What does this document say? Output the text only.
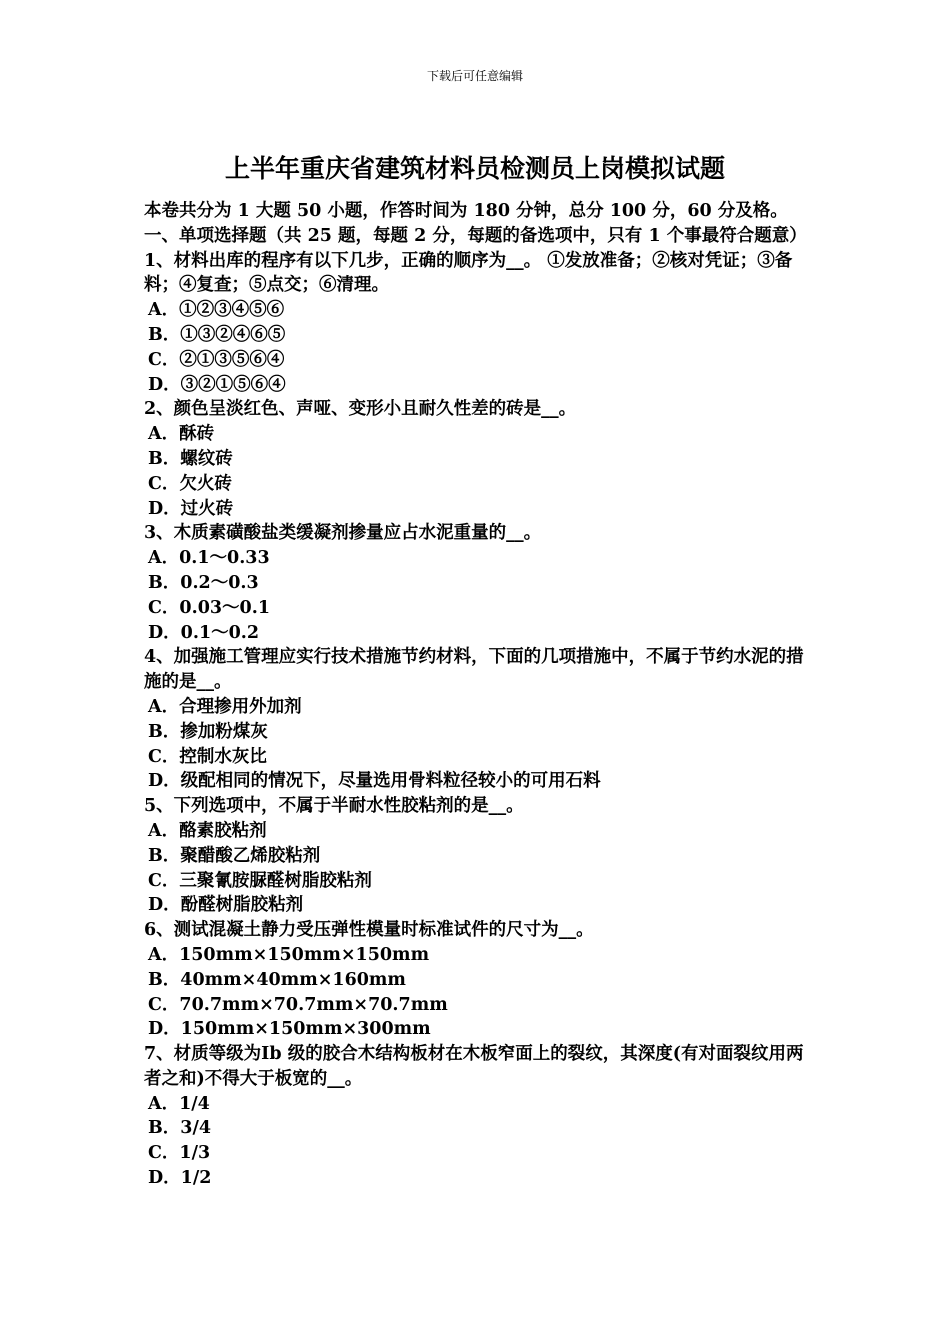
下载后可任意编辑
上半年重庆省建筑材料员检测员上岗模拟试题
本卷共分为 1 大题 50 小题，作答时间为 180 分钟，总分 100 分，60 分及格。
一、单项选择题（共 25 题，每题 2 分，每题的备选项中，只有 1 个事最符合题意）
1、材料出库的程序有以下几步，正确的顺序为__。 ①发放准备；②核对凭证；③备料；④复查；⑤点交；⑥清理。
A．①②③④⑤⑥
B．①③②④⑥⑤
C．②①③⑤⑥④
D．③②①⑤⑥④
2、颜色呈淡红色、声哑、变形小且耐久性差的砖是__。
A．酥砖
B．螺纹砖
C．欠火砖
D．过火砖
3、木质素磺酸盐类缓凝剂掺量应占水泥重量的__。
A．0.1～0.33
B．0.2～0.3
C．0.03～0.1
D．0.1～0.2
4、加强施工管理应实行技术措施节约材料，下面的几项措施中，不属于节约水泥的措施的是__。
A．合理掺用外加剂
B．掺加粉煤灰
C．控制水灰比
D．级配相同的情况下，尽量选用骨料粒径较小的可用石料
5、下列选项中，不属于半耐水性胶粘剂的是__。
A．酪素胶粘剂
B．聚醋酸乙烯胶粘剂
C．三聚氰胺脲醛树脂胶粘剂
D．酚醛树脂胶粘剂
6、测试混凝土静力受压弹性模量时标准试件的尺寸为__。
A．150mm×150mm×150mm
B．40mm×40mm×160mm
C．70.7mm×70.7mm×70.7mm
D．150mm×150mm×300mm
7、材质等级为Ⅰb 级的胶合木结构板材在木板窄面上的裂纹，其深度(有对面裂纹用两者之和)不得大于板宽的__。
A．1/4
B．3/4
C．1/3
D．1/2
